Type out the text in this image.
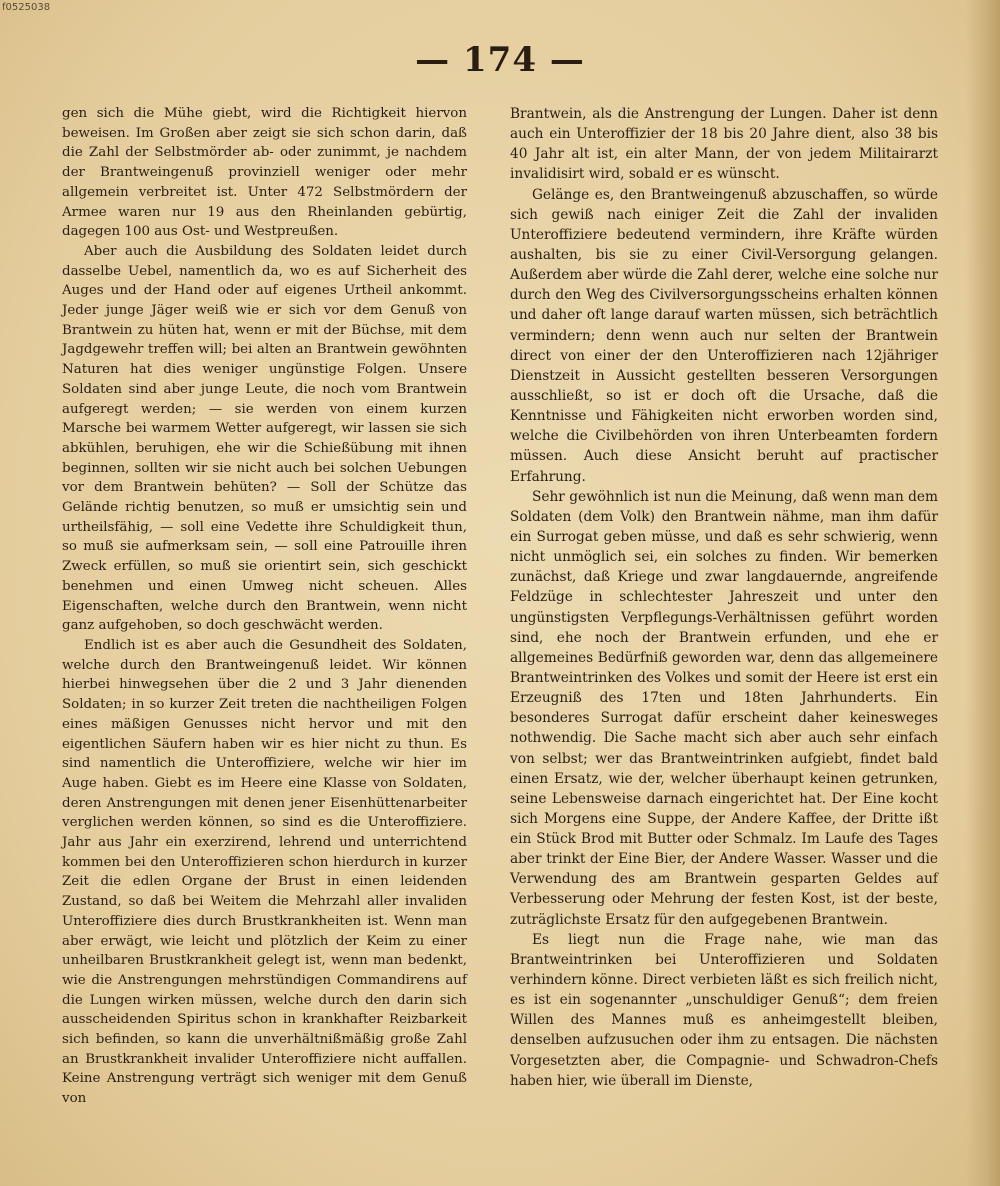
f0525038
— 174 —

gen sich die Mühe giebt, wird die Richtigkeit hiervon beweisen. Im Großen aber zeigt sie sich schon darin, daß die Zahl der Selbstmörder ab- oder zunimmt, je nachdem der Brantweingenuß provinziell weniger oder mehr allgemein verbreitet ist. Unter 472 Selbstmördern der Armee waren nur 19 aus den Rheinlanden gebürtig, dagegen 100 aus Ost- und Westpreußen.

Aber auch die Ausbildung des Soldaten leidet durch dasselbe Uebel, namentlich da, wo es auf Sicherheit des Auges und der Hand oder auf eigenes Urtheil ankommt. Jeder junge Jäger weiß wie er sich vor dem Genuß von Brantwein zu hüten hat, wenn er mit der Büchse, mit dem Jagdgewehr treffen will; bei alten an Brantwein gewöhnten Naturen hat dies weniger ungünstige Folgen. Unsere Soldaten sind aber junge Leute, die noch vom Brantwein aufgeregt werden; — sie werden von einem kurzen Marsche bei warmem Wetter aufgeregt, wir lassen sie sich abkühlen, beruhigen, ehe wir die Schießübung mit ihnen beginnen, sollten wir sie nicht auch bei solchen Uebungen vor dem Brantwein behüten? — Soll der Schütze das Gelände richtig benutzen, so muß er umsichtig sein und urtheilsfähig, — soll eine Vedette ihre Schuldigkeit thun, so muß sie aufmerksam sein, — soll eine Patrouille ihren Zweck erfüllen, so muß sie orientirt sein, sich geschickt benehmen und einen Umweg nicht scheuen. Alles Eigenschaften, welche durch den Brantwein, wenn nicht ganz aufgehoben, so doch geschwächt werden.

Endlich ist es aber auch die Gesundheit des Soldaten, welche durch den Brantweingenuß leidet. Wir können hierbei hinwegsehen über die 2 und 3 Jahr dienenden Soldaten; in so kurzer Zeit treten die nachtheiligen Folgen eines mäßigen Genusses nicht hervor und mit den eigentlichen Säufern haben wir es hier nicht zu thun. Es sind namentlich die Unteroffiziere, welche wir hier im Auge haben. Giebt es im Heere eine Klasse von Soldaten, deren Anstrengungen mit denen jener Eisenhüttenarbeiter verglichen werden können, so sind es die Unteroffiziere. Jahr aus Jahr ein exerzirend, lehrend und unterrichtend kommen bei den Unteroffizieren schon hierdurch in kurzer Zeit die edlen Organe der Brust in einen leidenden Zustand, so daß bei Weitem die Mehrzahl aller invaliden Unteroffiziere dies durch Brustkrankheiten ist. Wenn man aber erwägt, wie leicht und plötzlich der Keim zu einer unheilbaren Brustkrankheit gelegt ist, wenn man bedenkt, wie die Anstrengungen mehrstündigen Commandirens auf die Lungen wirken müssen, welche durch den darin sich ausscheidenden Spiritus schon in krankhafter Reizbarkeit sich befinden, so kann die unverhältnißmäßig große Zahl an Brustkrankheit invalider Unteroffiziere nicht auffallen. Keine Anstrengung verträgt sich weniger mit dem Genuß von

Brantwein, als die Anstrengung der Lungen. Daher ist denn auch ein Unteroffizier der 18 bis 20 Jahre dient, also 38 bis 40 Jahr alt ist, ein alter Mann, der von jedem Militairarzt invalidisirt wird, sobald er es wünscht.

Gelänge es, den Brantweingenuß abzuschaffen, so würde sich gewiß nach einiger Zeit die Zahl der invaliden Unteroffiziere bedeutend vermindern, ihre Kräfte würden aushalten, bis sie zu einer Civil-Versorgung gelangen. Außerdem aber würde die Zahl derer, welche eine solche nur durch den Weg des Civilversorgungsscheins erhalten können und daher oft lange darauf warten müssen, sich beträchtlich vermindern; denn wenn auch nur selten der Brantwein direct von einer der den Unteroffizieren nach 12jähriger Dienstzeit in Aussicht gestellten besseren Versorgungen ausschließt, so ist er doch oft die Ursache, daß die Kenntnisse und Fähigkeiten nicht erworben worden sind, welche die Civilbehörden von ihren Unterbeamten fordern müssen. Auch diese Ansicht beruht auf practischer Erfahrung.

Sehr gewöhnlich ist nun die Meinung, daß wenn man dem Soldaten (dem Volk) den Brantwein nähme, man ihm dafür ein Surrogat geben müsse, und daß es sehr schwierig, wenn nicht unmöglich sei, ein solches zu finden. Wir bemerken zunächst, daß Kriege und zwar langdauernde, angreifende Feldzüge in schlechtester Jahreszeit und unter den ungünstigsten Verpflegungs-Verhältnissen geführt worden sind, ehe noch der Brantwein erfunden, und ehe er allgemeines Bedürfniß geworden war, denn das allgemeinere Brantweintrinken des Volkes und somit der Heere ist erst ein Erzeugniß des 17ten und 18ten Jahrhunderts. Ein besonderes Surrogat dafür erscheint daher keinesweges nothwendig. Die Sache macht sich aber auch sehr einfach von selbst; wer das Brantweintrinken aufgiebt, findet bald einen Ersatz, wie der, welcher überhaupt keinen getrunken, seine Lebensweise darnach eingerichtet hat. Der Eine kocht sich Morgens eine Suppe, der Andere Kaffee, der Dritte ißt ein Stück Brod mit Butter oder Schmalz. Im Laufe des Tages aber trinkt der Eine Bier, der Andere Wasser. Wasser und die Verwendung des am Brantwein gesparten Geldes auf Verbesserung oder Mehrung der festen Kost, ist der beste, zuträglichste Ersatz für den aufgegebenen Brantwein.

Es liegt nun die Frage nahe, wie man das Brantweintrinken bei Unteroffizieren und Soldaten verhindern könne. Direct verbieten läßt es sich freilich nicht, es ist ein sogenannter „unschuldiger Genuß“; dem freien Willen des Mannes muß es anheimgestellt bleiben, denselben aufzusuchen oder ihm zu entsagen. Die nächsten Vorgesetzten aber, die Compagnie- und Schwadron-Chefs haben hier, wie überall im Dienste,
